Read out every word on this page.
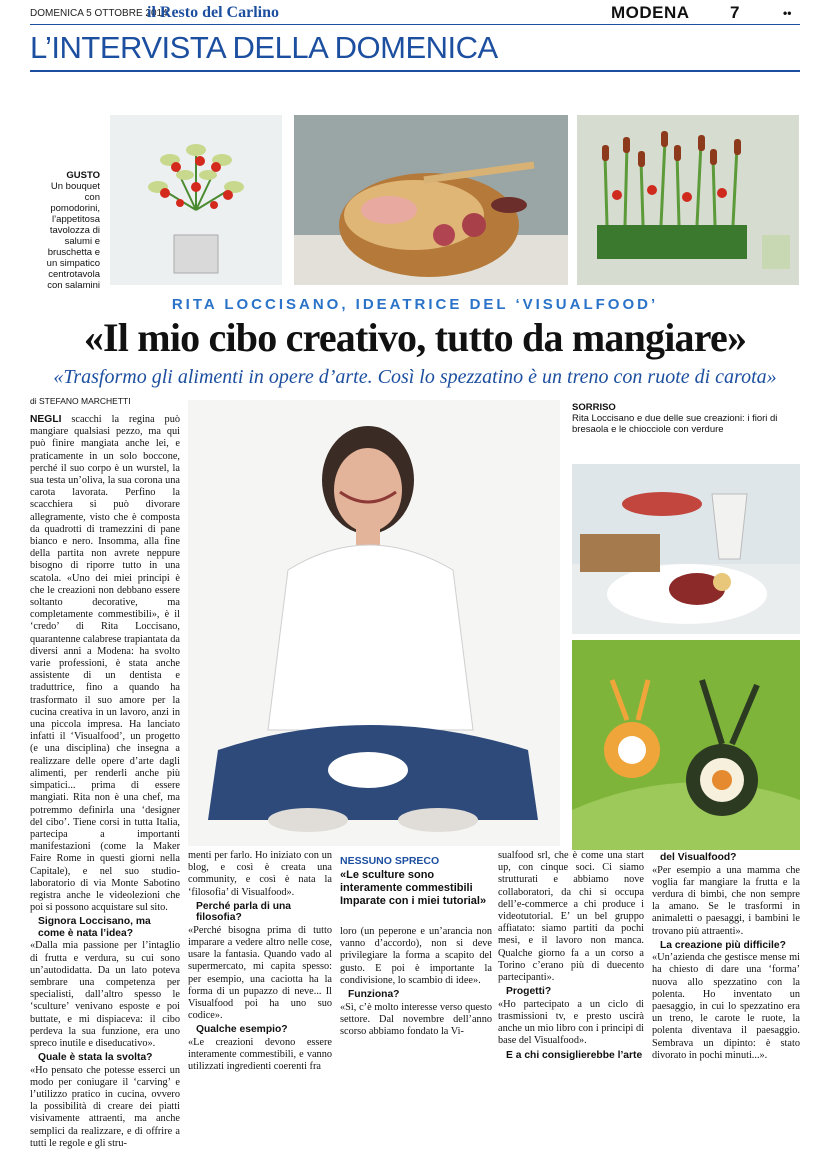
DOMENICA 5 OTTOBRE 2014
il Resto del Carlino	MODENA 7	••
L’INTERVISTA DELLA DOMENICA
GUSTO
Un bouquet con pomodorini, l’appetitosa tavolozza di salumi e bruschetta e un simpatico centrotavola con salamini
RITA LOCCISANO, IDEATRICE DEL ‘VISUALFOOD’
«Il mio cibo creativo, tutto da mangiare»
«Trasformo gli alimenti in opere d’arte. Così lo spezzatino è un treno con ruote di carota»
di STEFANO MARCHETTI

NEGLI scacchi la regina può mangiare qualsiasi pezzo, ma qui può finire mangiata anche lei, e praticamente in un solo boccone, perché il suo corpo è un wurstel, la sua testa un’oliva, la sua corona una carota lavorata. Perfino la scacchiera si può divorare allegramente, visto che è composta da quadrotti di tramezzini di pane bianco e nero. Insomma, alla fine della partita non avrete neppure bisogno di riporre tutto in una scatola. «Uno dei miei principi è che le creazioni non debbano essere soltanto decorative, ma completamente commestibili», è il ‘credo’ di Rita Loccisano, quarantenne calabrese trapiantata da diversi anni a Modena: ha svolto varie professioni, è stata anche assistente di un dentista e traduttrice, fino a quando ha trasformato il suo amore per la cucina creativa in un lavoro, anzi in una piccola impresa. Ha lanciato infatti il ‘Visualfood’, un progetto (e una disciplina) che insegna a realizzare delle opere d’arte dagli alimenti, per renderli anche più simpatici... prima di essere mangiati. Rita non è una chef, ma potremmo definirla una ‘designer del cibo’. Tiene corsi in tutta Italia, partecipa a importanti manifestazioni (come la Maker Faire Rome in questi giorni nella Capitale), e nel suo studio-laboratorio di via Monte Sabotino registra anche le videolezioni che poi si possono acquistare sul sito.

Signora Loccisano, ma come è nata l’idea?

«Dalla mia passione per l’intaglio di frutta e verdura, su cui sono un’autodidatta. Da un lato poteva sembrare una competenza per specialisti, dall’altro spesso le ‘sculture’ venivano esposte e poi buttate, e mi dispiaceva: il cibo perdeva la sua funzione, era uno spreco inutile e diseducativo».

Quale è stata la svolta?

«Ho pensato che potesse esserci un modo per coniugare il ‘carving’ e l’utilizzo pratico in cucina, ovvero la possibilità di creare dei piatti visivamente attraenti, ma anche semplici da realizzare, e di offrire a tutti le regole e gli stru-

SORRISO
Rita Loccisano e due delle sue creazioni: i fiori di bresaola e le chiocciole con verdure

menti per farlo. Ho iniziato con un blog, e così è creata una community, e così è nata la ‘filosofia’ di Visualfood».

Perché parla di una filosofia?

«Perché bisogna prima di tutto imparare a vedere altro nelle cose, usare la fantasia. Quando vado al supermercato, mi capita spesso: per esempio, una caciotta ha la forma di un pupazzo di neve... Il Visualfood poi ha uno suo codice».

Qualche esempio?

«Le creazioni devono essere interamente commestibili, e vanno utilizzati ingredienti coerenti fra

NESSUNO SPRECO
«Le sculture sono interamente commestibili Imparate con i miei tutorial»

loro (un peperone e un’arancia non vanno d’accordo), non si deve privilegiare la forma a scapito del gusto. E poi è importante la condivisione, lo scambio di idee».

Funziona?

«Sì, c’è molto interesse verso questo settore. Dal novembre dell’anno scorso abbiamo fondato la Vi-

sualfood srl, che è come una start up, con cinque soci. Ci siamo strutturati e abbiamo nove collaboratori, da chi si occupa dell’e-commerce a chi produce i videotutorial. E’ un bel gruppo affiatato: siamo partiti da pochi mesi, e il lavoro non manca. Qualche giorno fa a un corso a Torino c’erano più di duecento partecipanti».

Progetti?

«Ho partecipato a un ciclo di trasmissioni tv, e presto uscirà anche un mio libro con i principi di base del Visualfood».

E a chi consiglierebbe l’arte
del Visualfood?

«Per esempio a una mamma che voglia far mangiare la frutta e la verdura di bimbi, che non sempre la amano. Se le trasformi in animaletti o paesaggi, i bambini le trovano più attraenti».

La creazione più difficile?

«Un’azienda che gestisce mense mi ha chiesto di dare una ‘forma’ nuova allo spezzatino con la polenta. Ho inventato un paesaggio, in cui lo spezzatino era un treno, le carote le ruote, la polenta diventava il paesaggio. Sembrava un dipinto: è stato divorato in pochi minuti...».
